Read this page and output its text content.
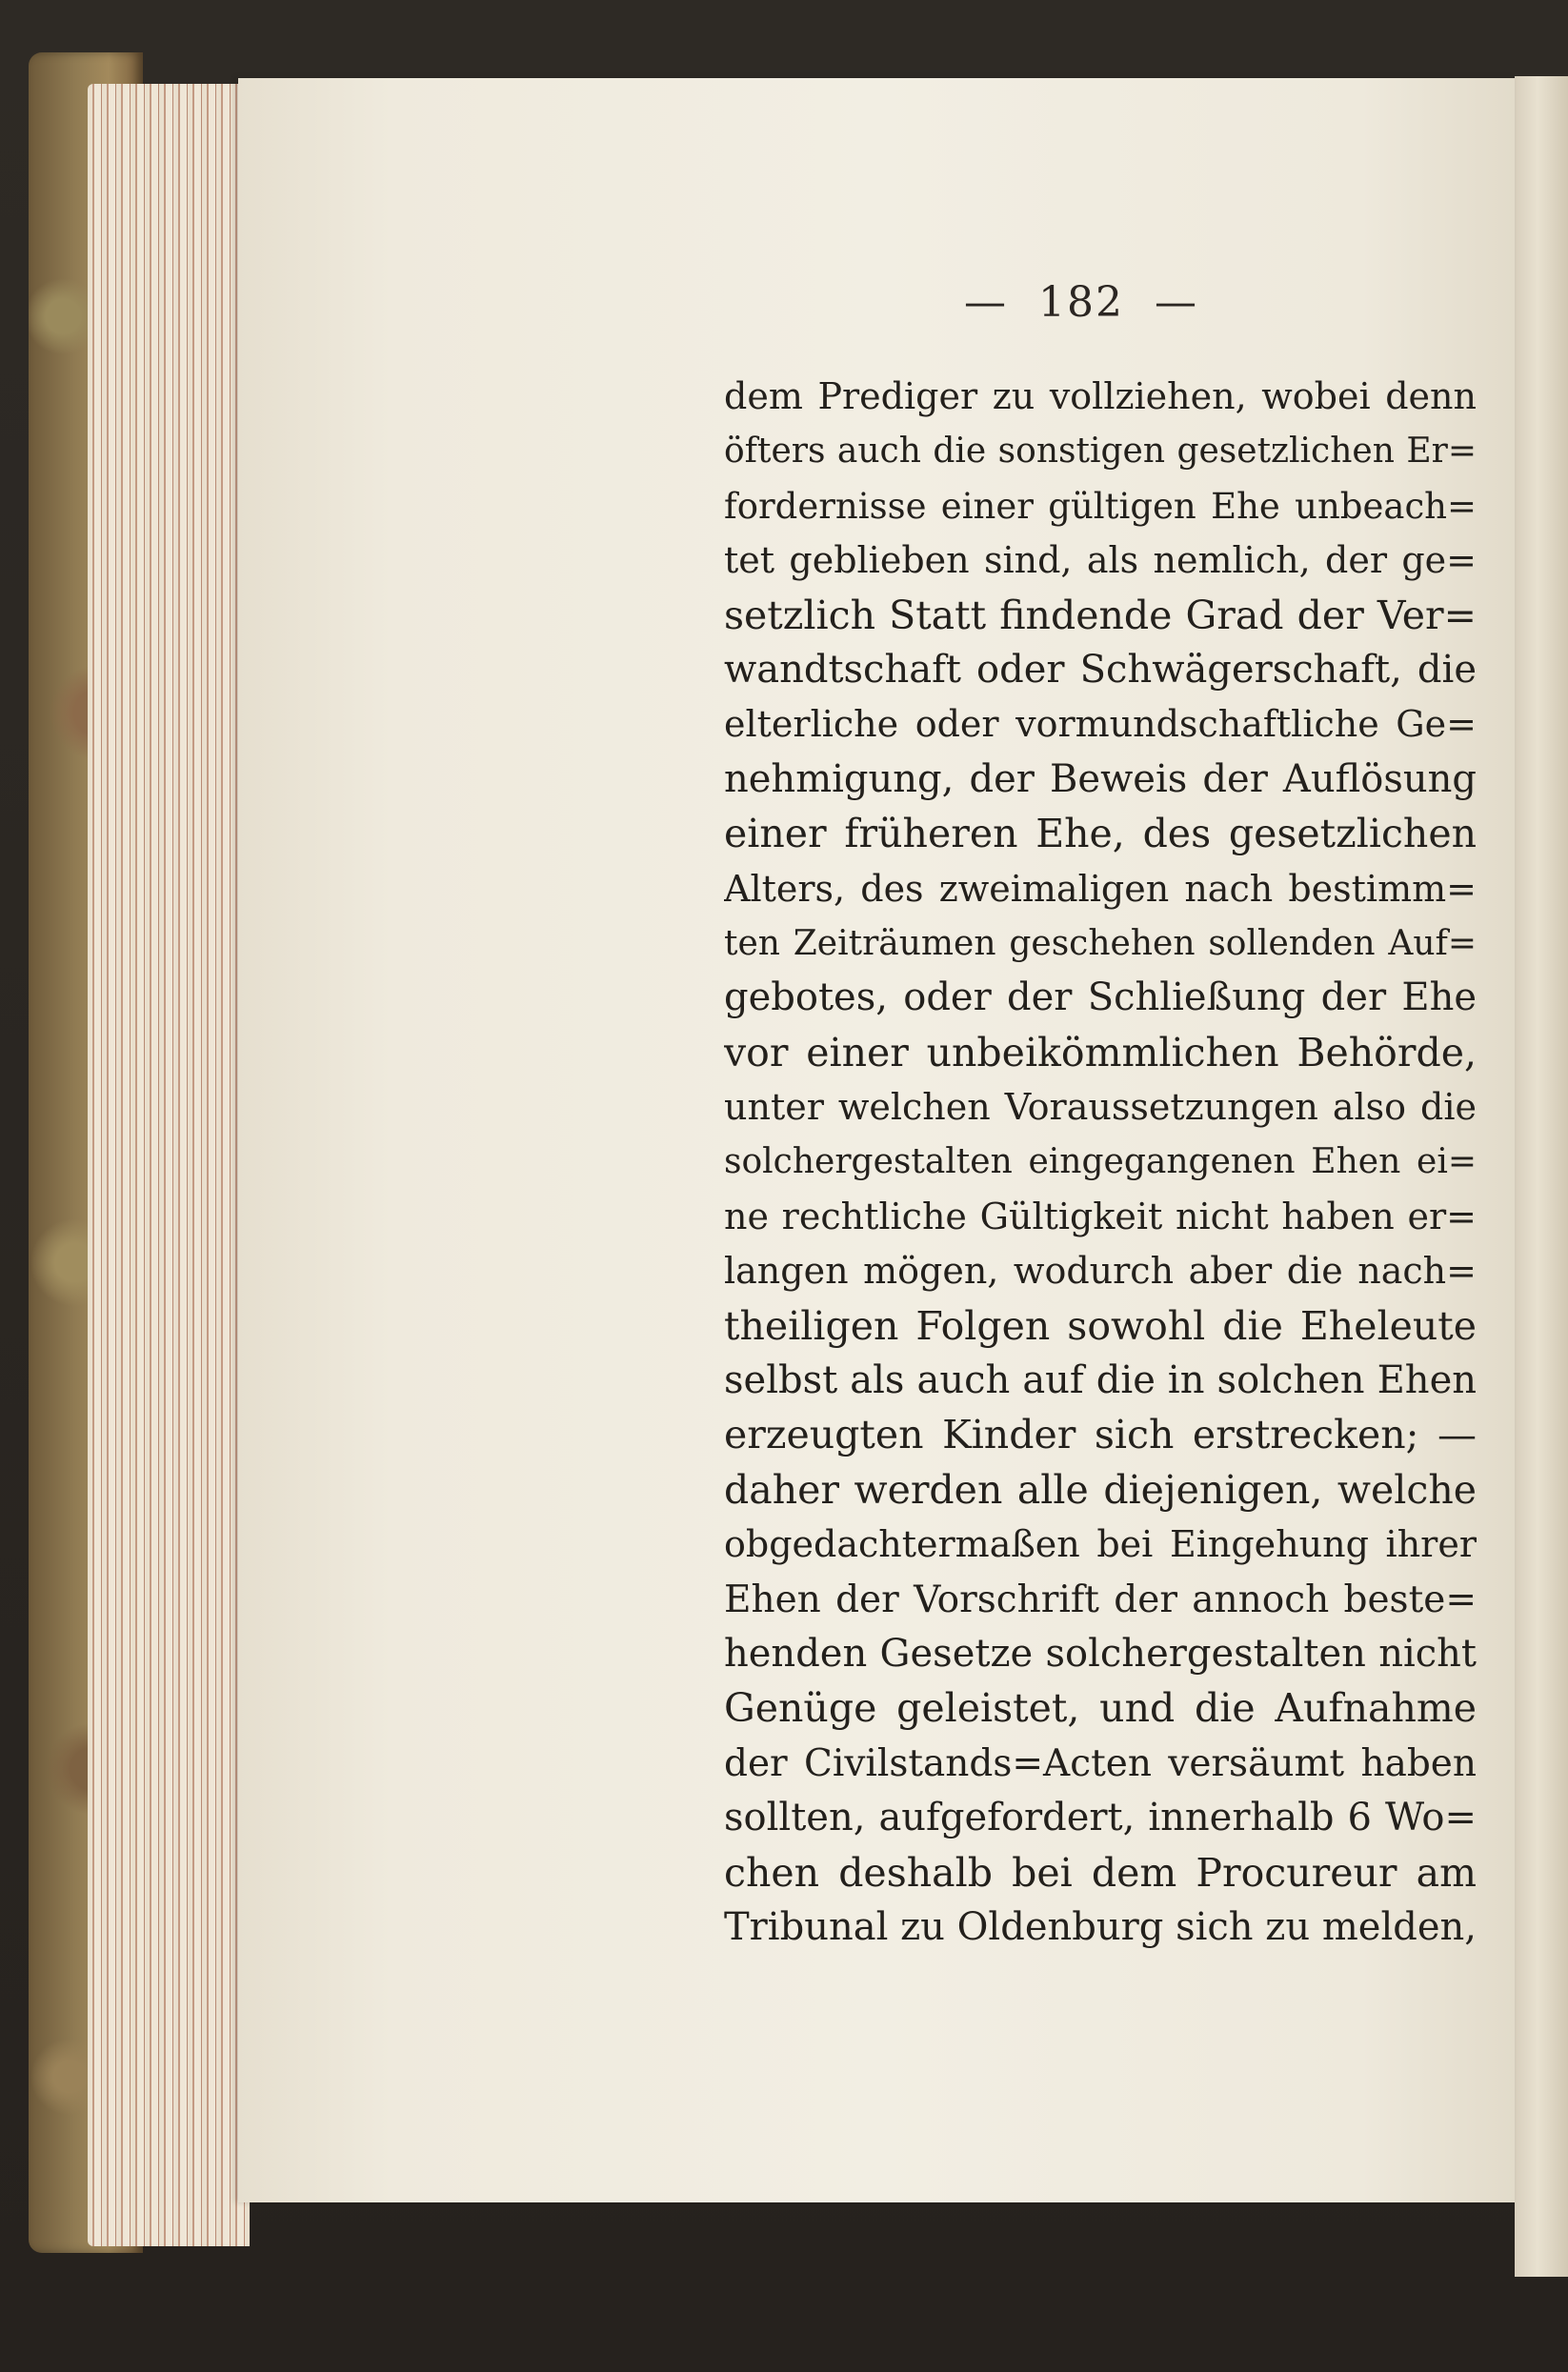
—  182  —
dem Prediger zu vollziehen, wobei denn
öfters auch die sonstigen gesetzlichen Er=
fordernisse einer gültigen Ehe unbeach=
tet geblieben sind, als nemlich, der ge=
setzlich Statt findende Grad der Ver=
wandtschaft oder Schwägerschaft, die
elterliche oder vormundschaftliche Ge=
nehmigung, der Beweis der Auflösung
einer früheren Ehe, des gesetzlichen
Alters, des zweimaligen nach bestimm=
ten Zeiträumen geschehen sollenden Auf=
gebotes, oder der Schließung der Ehe
vor einer unbeikömmlichen Behörde,
unter welchen Voraussetzungen also die
solchergestalten eingegangenen Ehen ei=
ne rechtliche Gültigkeit nicht haben er=
langen mögen, wodurch aber die nach=
theiligen Folgen sowohl die Eheleute
selbst als auch auf die in solchen Ehen
erzeugten Kinder sich erstrecken; —
daher werden alle diejenigen, welche
obgedachtermaßen bei Eingehung ihrer
Ehen der Vorschrift der annoch beste=
henden Gesetze solchergestalten nicht
Genüge geleistet, und die Aufnahme
der Civilstands=Acten versäumt haben
sollten, aufgefordert, innerhalb 6 Wo=
chen deshalb bei dem Procureur am
Tribunal zu Oldenburg sich zu melden,
